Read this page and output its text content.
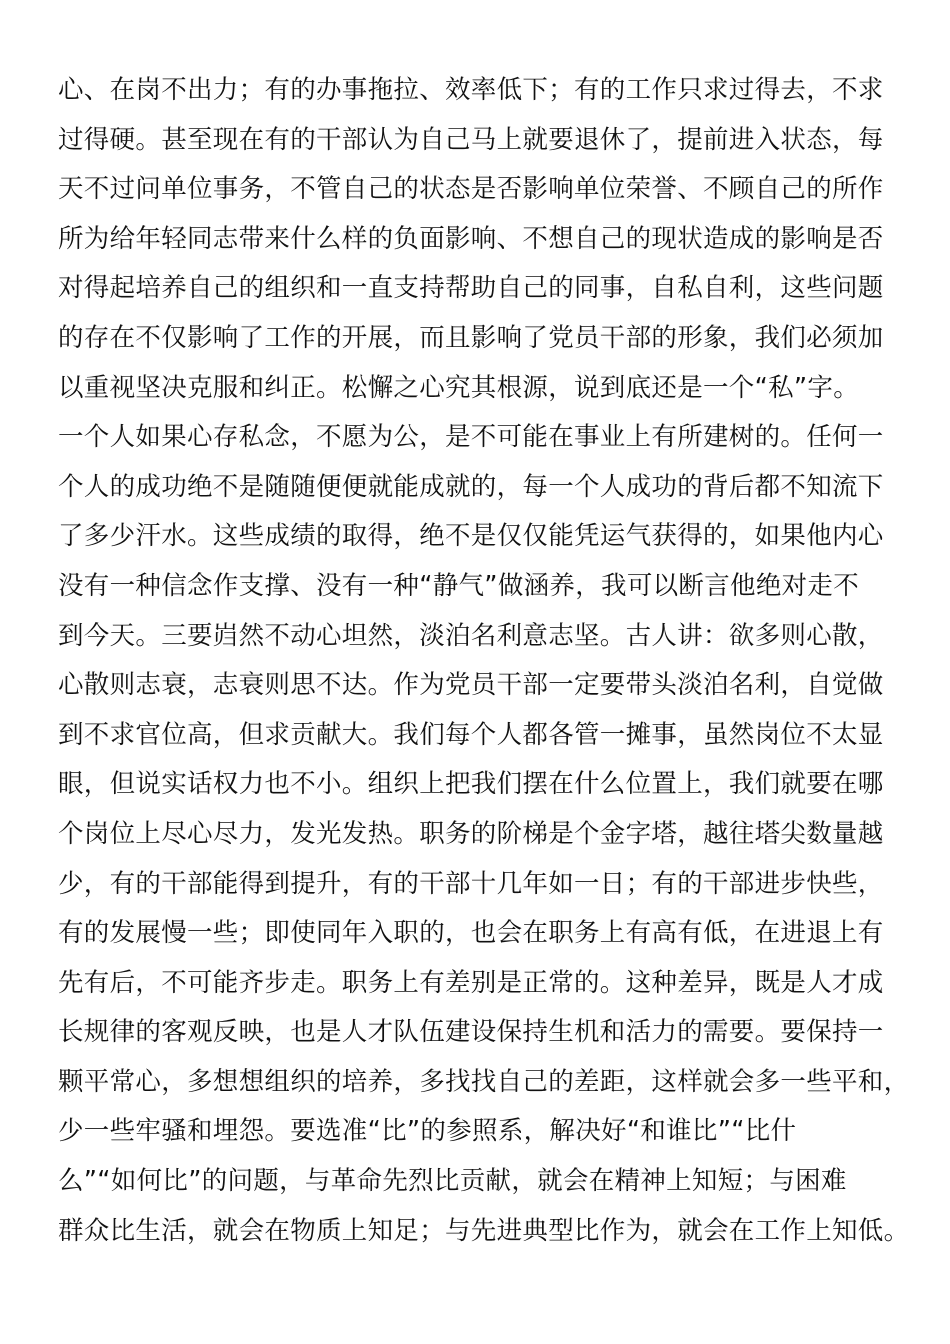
心、在岗不出力；有的办事拖拉、效率低下；有的工作只求过得去，不求
过得硬。甚至现在有的干部认为自己马上就要退休了，提前进入状态，每
天不过问单位事务，不管自己的状态是否影响单位荣誉、不顾自己的所作
所为给年轻同志带来什么样的负面影响、不想自己的现状造成的影响是否
对得起培养自己的组织和一直支持帮助自己的同事，自私自利，这些问题
的存在不仅影响了工作的开展，而且影响了党员干部的形象，我们必须加
以重视坚决克服和纠正。松懈之心究其根源，说到底还是一个“私”字。
一个人如果心存私念，不愿为公，是不可能在事业上有所建树的。任何一
个人的成功绝不是随随便便就能成就的，每一个人成功的背后都不知流下
了多少汗水。这些成绩的取得，绝不是仅仅能凭运气获得的，如果他内心
没有一种信念作支撑、没有一种“静气”做涵养，我可以断言他绝对走不
到今天。三要岿然不动心坦然，淡泊名利意志坚。古人讲：欲多则心散，
心散则志衰，志衰则思不达。作为党员干部一定要带头淡泊名利，自觉做
到不求官位高，但求贡献大。我们每个人都各管一摊事，虽然岗位不太显
眼，但说实话权力也不小。组织上把我们摆在什么位置上，我们就要在哪
个岗位上尽心尽力，发光发热。职务的阶梯是个金字塔，越往塔尖数量越
少，有的干部能得到提升，有的干部十几年如一日；有的干部进步快些，
有的发展慢一些；即使同年入职的，也会在职务上有高有低，在进退上有
先有后，不可能齐步走。职务上有差别是正常的。这种差异，既是人才成
长规律的客观反映，也是人才队伍建设保持生机和活力的需要。要保持一
颗平常心，多想想组织的培养，多找找自己的差距，这样就会多一些平和，
少一些牢骚和埋怨。要选准“比”的参照系，解决好“和谁比”“比什
么”“如何比”的问题，与革命先烈比贡献，就会在精神上知短；与困难
群众比生活，就会在物质上知足；与先进典型比作为，就会在工作上知低。
